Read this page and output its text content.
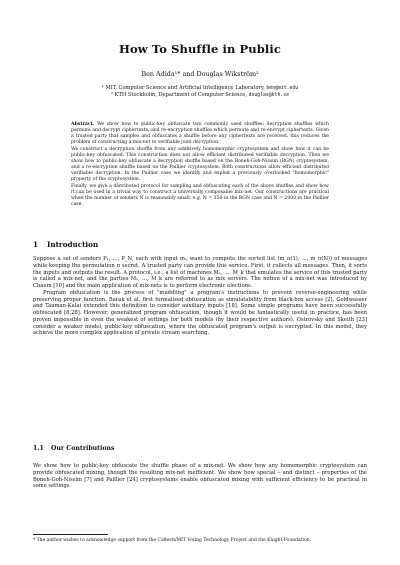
How To Shuffle in Public
Ben Adida¹* and Douglas Wikström²
¹ MIT, Computer Science and Artificial Intelligence Laboratory, ben@mit.edu
² KTH Stockholm, Department of Computer Science, douglas@kth.se

Abstract. We show how to public-key obfuscate two commonly used shuffles: decryption shuffles which permute and decrypt ciphertexts, and re-encryption shuffles which permute and re-encrypt ciphertexts. Given a trusted party that samples and obfuscates a shuffle before any ciphertexts are received, this reduces the problem of constructing a mix-net to verifiable joint decryption.

We construct a decryption shuffle from any additively homomorphic cryptosystem and show how it can be public-key obfuscated. This construction does not allow efficient distributed verifiable decryption. Then we show how to public-key obfuscate a decryption shuffle based on the Boneh-Goh-Nissim (BGN) cryptosystem, and a re-encryption shuffle based on the Paillier cryptosystem. Both constructions allow efficient distributed verifiable decryption. In the Paillier case we identify and exploit a previously overlooked "homomorphic" property of the cryptosystem.

Finally, we give a distributed protocol for sampling and obfuscating each of the above shuffles and show how it can be used in a trivial way to construct a universally composable mix-net. Our constructions are practical when the number of senders N is reasonably small, e.g. N = 350 in the BGN case and N = 2000 in the Paillier case.

1 Introduction

Suppose a set of senders P₁, ..., P_N, each with input mᵢ, want to compute the sorted list (m_π(1), ..., m_π(N)) of messages while keeping the permutation π secret. A trusted party can provide this service. First, it collects all messages. Then, it sorts the inputs and outputs the result. A protocol, i.e., a list of machines M₁, ..., M_k that emulates the service of this trusted party is called a mix-net, and the parties M₁, ..., M_k are referred to as mix servers. The notion of a mix-net was introduced by Chaum [10] and the main application of mix-nets is to perform electronic elections.

Program obfuscation is the process of "muddling" a program's instructions to prevent reverse-engineering while preserving proper function. Barak et al. first formalized obfuscation as simulatability from black-box access [2]. Goldwasser and Tauman-Kalai extended this definition to consider auxiliary inputs [18]. Some simple programs have been successfully obfuscated [8,28]. However, generalized program obfuscation, though it would be fantastically useful in practice, has been proven impossible in even the weakest of settings for both models (by their respective authors). Ostrovsky and Skeith [23] consider a weaker model, public-key obfuscation, where the obfuscated program's output is encrypted. In this model, they achieve the more complex application of private stream searching.

1.1 Our Contributions

We show how to public-key obfuscate the shuffle phase of a mix-net. We show how any homomorphic cryptosystem can provide obfuscated mixing, though the resulting mix-net inefficient. We show how special – and distinct – properties of the Boneh-Goh-Nissim [7] and Paillier [24] cryptosystems enable obfuscated mixing with sufficient efficiency to be practical in some settings.

* The author wishes to acknowledge support from the Caltech/MIT Voting Technology Project and the Knight Foundation.
